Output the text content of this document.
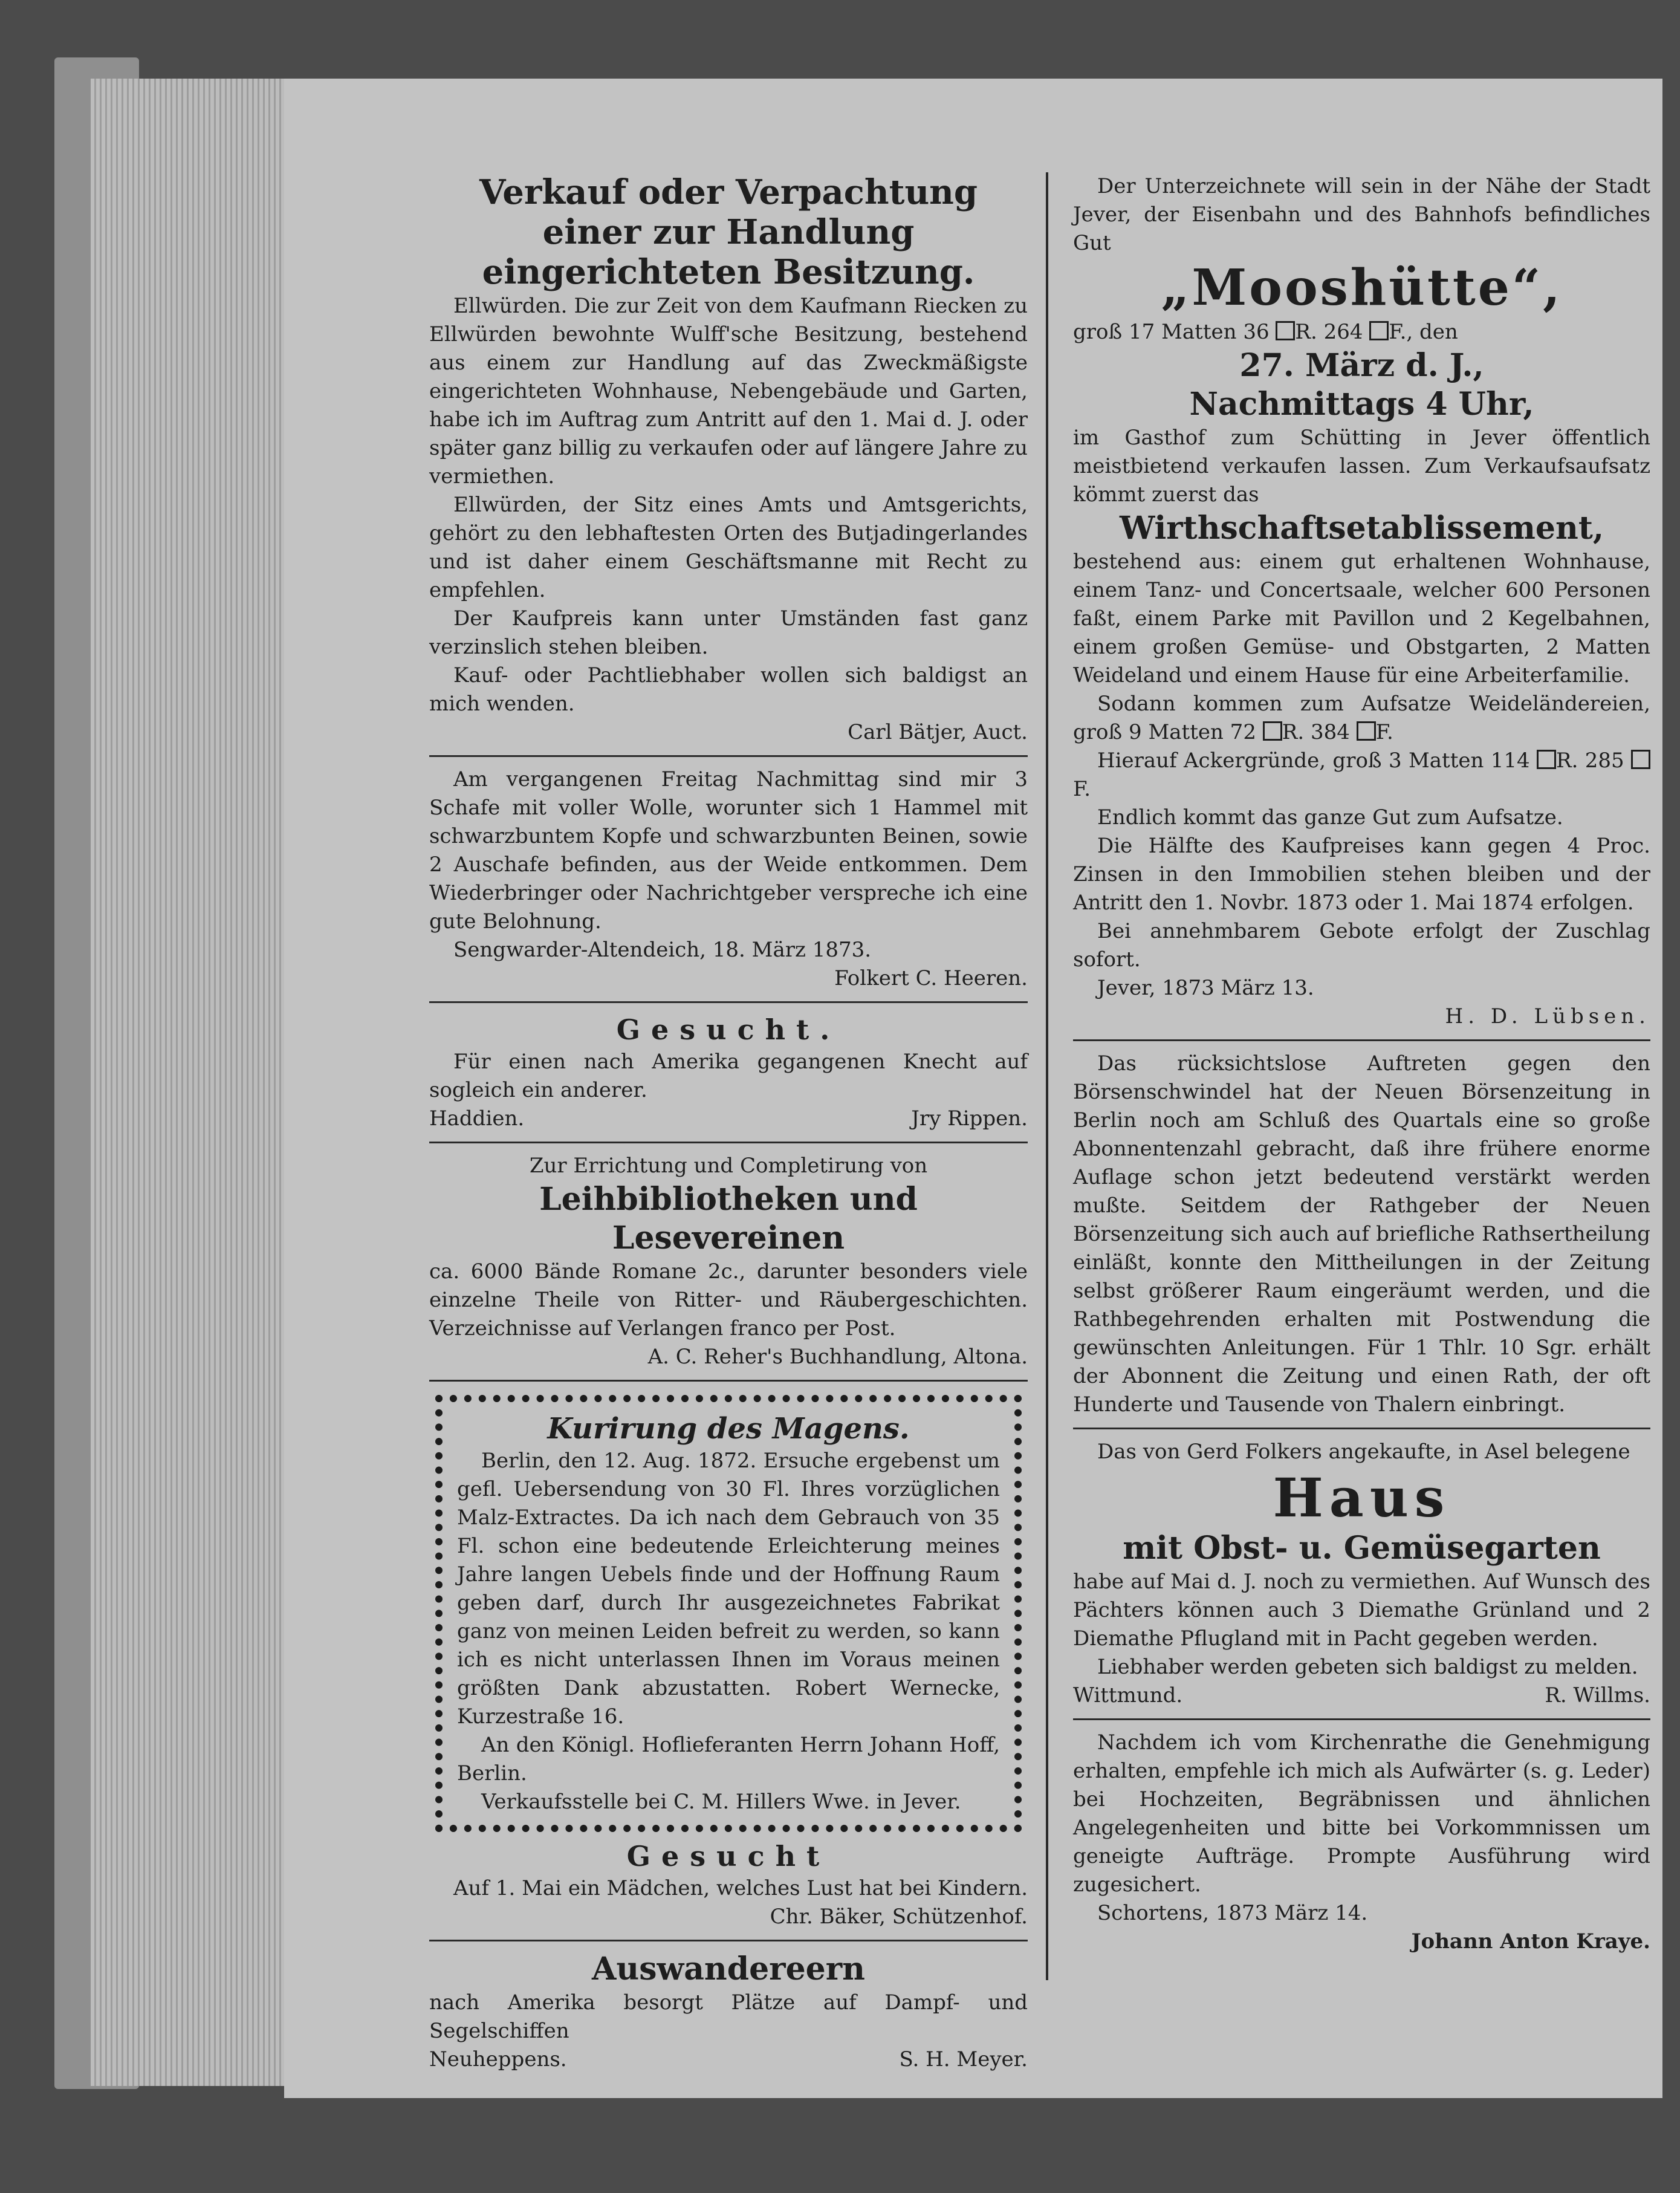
Verkauf oder Verpachtung einer zur Handlung eingerichteten Besitzung.

Ellwürden. Die zur Zeit von dem Kaufmann Riecken zu Ellwürden bewohnte Wulff'sche Besitzung, bestehend aus einem zur Handlung auf das Zweckmäßigste eingerichteten Wohnhause, Nebengebäude und Garten, habe ich im Auftrag zum Antritt auf den 1. Mai d. J. oder später ganz billig zu verkaufen oder auf längere Jahre zu vermiethen.

Ellwürden, der Sitz eines Amts und Amtsgerichts, gehört zu den lebhaftesten Orten des Butjadingerlandes und ist daher einem Geschäftsmanne mit Recht zu empfehlen.

Der Kaufpreis kann unter Umständen fast ganz verzinslich stehen bleiben.

Kauf- oder Pachtliebhaber wollen sich baldigst an mich wenden.

Carl Bätjer, Auct.

Am vergangenen Freitag Nachmittag sind mir 3 Schafe mit voller Wolle, worunter sich 1 Hammel mit schwarzbuntem Kopfe und schwarzbunten Beinen, sowie 2 Auschafe befinden, aus der Weide entkommen. Dem Wiederbringer oder Nachrichtgeber verspreche ich eine gute Belohnung.

Sengwarder-Altendeich, 18. März 1873.

Folkert C. Heeren.

Gesucht.

Für einen nach Amerika gegangenen Knecht auf sogleich ein anderer.

Haddien.	Jry Rippen.

Zur Errichtung und Completirung von

Leihbibliotheken und Lesevereinen

ca. 6000 Bände Romane 2c., darunter besonders viele einzelne Theile von Ritter- und Räubergeschichten. Verzeichnisse auf Verlangen franco per Post.

A. C. Reher's Buchhandlung, Altona.

Kurirung des Magens.

Berlin, den 12. Aug. 1872. Ersuche ergebenst um gefl. Uebersendung von 30 Fl. Ihres vorzüglichen Malz-Extractes. Da ich nach dem Gebrauch von 35 Fl. schon eine bedeutende Erleichterung meines Jahre langen Uebels finde und der Hoffnung Raum geben darf, durch Ihr ausgezeichnetes Fabrikat ganz von meinen Leiden befreit zu werden, so kann ich es nicht unterlassen Ihnen im Voraus meinen größten Dank abzustatten. Robert Wernecke, Kurzestraße 16.

An den Königl. Hoflieferanten Herrn Johann Hoff, Berlin.

Verkaufsstelle bei C. M. Hillers Wwe. in Jever.

Gesucht

Auf 1. Mai ein Mädchen, welches Lust hat bei Kindern.

Chr. Bäker, Schützenhof.

Auswandereern

nach Amerika besorgt Plätze auf Dampf- und Segelschiffen

Neuheppens.	S. H. Meyer.

Der Unterzeichnete will sein in der Nähe der Stadt Jever, der Eisenbahn und des Bahnhofs befindliches Gut

„Mooshütte“,

groß 17 Matten 36 R. 264 F., den

27. März d. J.,
Nachmittags 4 Uhr,

im Gasthof zum Schütting in Jever öffentlich meistbietend verkaufen lassen. Zum Verkaufsaufsatz kömmt zuerst das

Wirthschaftsetablissement,

bestehend aus: einem gut erhaltenen Wohnhause, einem Tanz- und Concertsaale, welcher 600 Personen faßt, einem Parke mit Pavillon und 2 Kegelbahnen, einem großen Gemüse- und Obstgarten, 2 Matten Weideland und einem Hause für eine Arbeiterfamilie.

Sodann kommen zum Aufsatze Weideländereien, groß 9 Matten 72 R. 384 F.

Hierauf Ackergründe, groß 3 Matten 114 R. 285 F.

Endlich kommt das ganze Gut zum Aufsatze.

Die Hälfte des Kaufpreises kann gegen 4 Proc. Zinsen in den Immobilien stehen bleiben und der Antritt den 1. Novbr. 1873 oder 1. Mai 1874 erfolgen.

Bei annehmbarem Gebote erfolgt der Zuschlag sofort.

Jever, 1873 März 13.

H. D. Lübsen.

Das rücksichtslose Auftreten gegen den Börsenschwindel hat der Neuen Börsenzeitung in Berlin noch am Schluß des Quartals eine so große Abonnentenzahl gebracht, daß ihre frühere enorme Auflage schon jetzt bedeutend verstärkt werden mußte. Seitdem der Rathgeber der Neuen Börsenzeitung sich auch auf briefliche Rathsertheilung einläßt, konnte den Mittheilungen in der Zeitung selbst größerer Raum eingeräumt werden, und die Rathbegehrenden erhalten mit Postwendung die gewünschten Anleitungen. Für 1 Thlr. 10 Sgr. erhält der Abonnent die Zeitung und einen Rath, der oft Hunderte und Tausende von Thalern einbringt.

Das von Gerd Folkers angekaufte, in Asel belegene

Haus
mit Obst- u. Gemüsegarten

habe auf Mai d. J. noch zu vermiethen. Auf Wunsch des Pächters können auch 3 Diemathe Grünland und 2 Diemathe Pflugland mit in Pacht gegeben werden.

Liebhaber werden gebeten sich baldigst zu melden.

Wittmund.	R. Willms.

Nachdem ich vom Kirchenrathe die Genehmigung erhalten, empfehle ich mich als Aufwärter (s. g. Leder) bei Hochzeiten, Begräbnissen und ähnlichen Angelegenheiten und bitte bei Vorkommnissen um geneigte Aufträge. Prompte Ausführung wird zugesichert.

Schortens, 1873 März 14.

Johann Anton Kraye.
